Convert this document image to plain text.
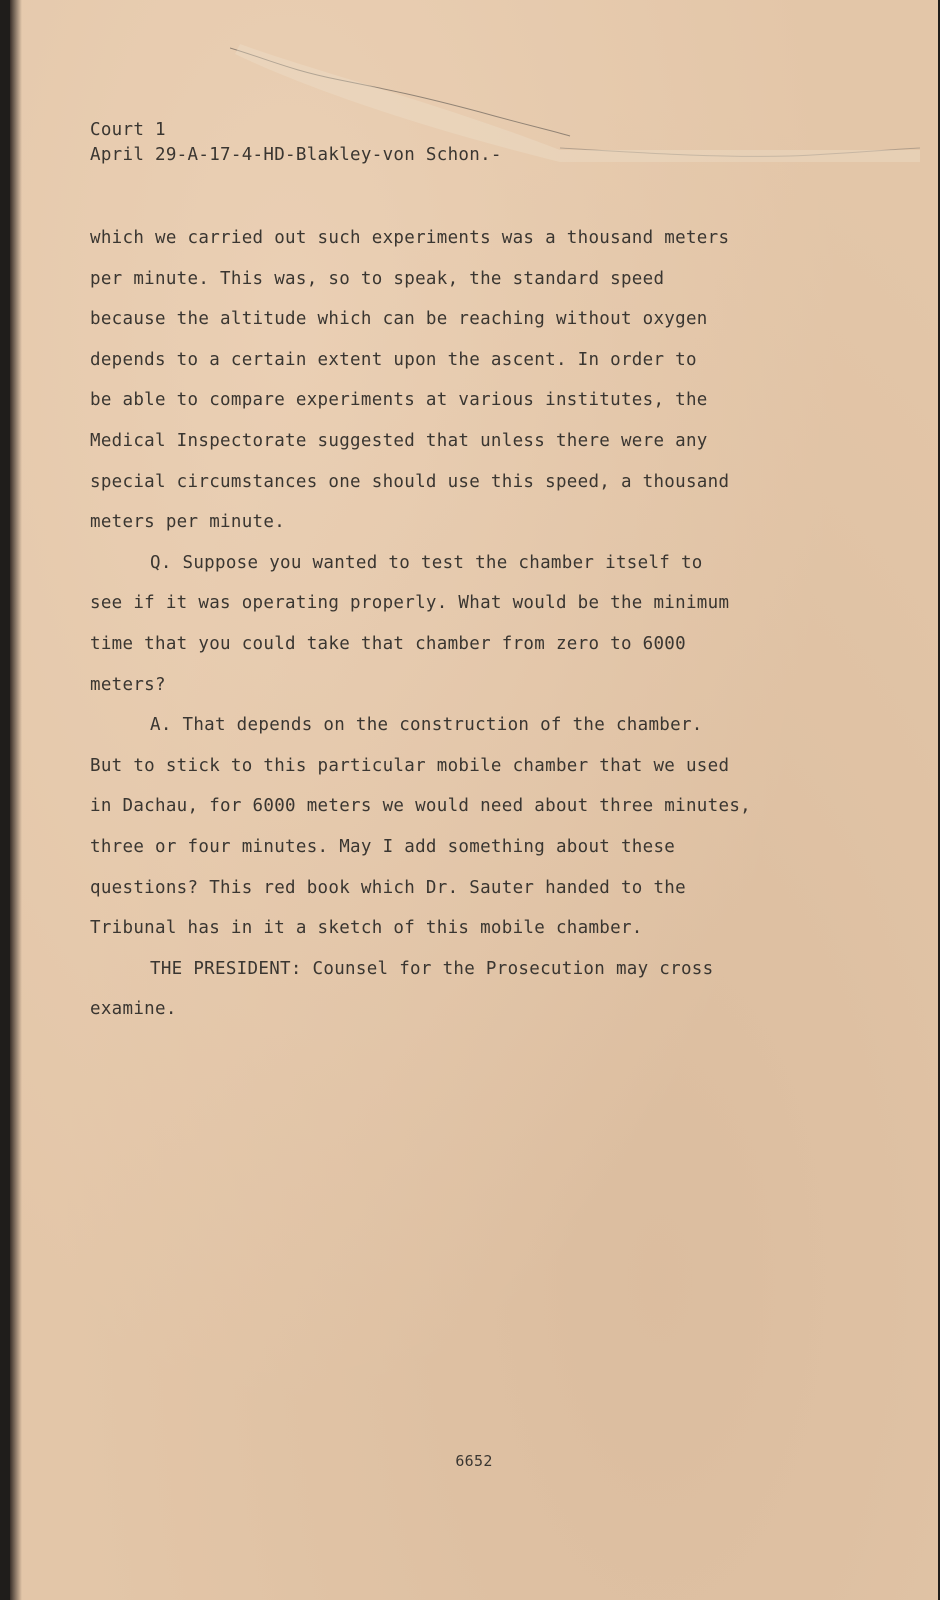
Court 1
April 29-A-17-4-HD-Blakley-von Schon.-

which we carried out such experiments was a thousand meters
per minute. This was, so to speak, the standard speed
because the altitude which can be reaching without oxygen
depends to a certain extent upon the ascent. In order to
be able to compare experiments at various institutes, the
Medical Inspectorate suggested that unless there were any
special circumstances one should use this speed, a thousand
meters per minute.

Q. Suppose you wanted to test the chamber itself to
see if it was operating properly. What would be the minimum
time that you could take that chamber from zero to 6000
meters?

A. That depends on the construction of the chamber.
But to stick to this particular mobile chamber that we used
in Dachau, for 6000 meters we would need about three minutes,
three or four minutes. May I add something about these
questions? This red book which Dr. Sauter handed to the
Tribunal has in it a sketch of this mobile chamber.

THE PRESIDENT: Counsel for the Prosecution may cross
examine.

6652
